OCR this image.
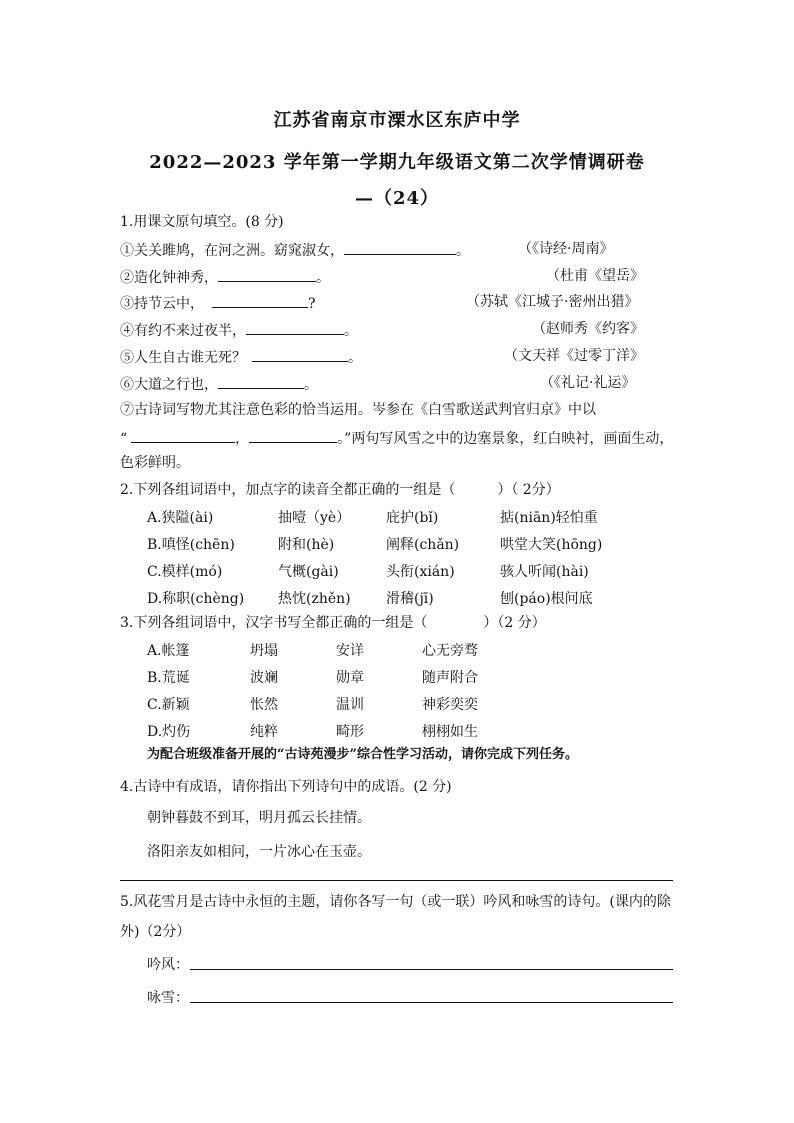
江苏省南京市溧水区东庐中学
2022—2023 学年第一学期九年级语文第二次学情调研卷
—（24）
1.用课文原句填空。(8 分)
①关关雎鸠，在河之洲。窈窕淑女，	。	（《诗经·周南》
②造化钟神秀，	。	（杜甫《望岳》
③持节云中，	?	（苏轼《江城子·密州出猎》
④有约不来过夜半，	。	（赵师秀《约客》
⑤人生自古谁无死？	。	（文天祥《过零丁洋》
⑥大道之行也，	。	（《礼记·礼运》
⑦古诗词写物尤其注意色彩的恰当运用。岑参在《白雪歌送武判官归京》中以
“	，	。”两句写风雪之中的边塞景象，红白映衬，画面生动，
色彩鲜明。
2.下列各组词语中，加点字的读音全都正确的一组是（　　　）（ 2分）
A.狭隘(ài)	抽噎（yè）	庇护(bǐ)	掂(niān)轻怕重
B.嗔怪(chēn)	附和(hè)	阐释(chǎn)	哄堂大笑(hōng)
C.模样(mó)	气概(gài)	头衔(xián)	骇人听闻(hài)
D.称职(chèng) 热忱(zhěn)	滑稽(jī)	刨(páo)根问底
3.下列各组词语中，汉字书写全都正确的一组是（　　　　）（2 分）
A.帐篷	坍塌	安详	心无旁骛
B.荒诞	波斓	勋章	随声附合
C.新颖	怅然	温训	神彩奕奕
D.灼伤	纯粹	畸形	栩栩如生
为配合班级准备开展的“古诗苑漫步”综合性学习活动，请你完成下列任务。
4.古诗中有成语，请你指出下列诗句中的成语。(2 分)
朝钟暮鼓不到耳，明月孤云长挂情。
洛阳亲友如相问，一片冰心在玉壶。
5.风花雪月是古诗中永恒的主题，请你各写一句（或一联）吟风和咏雪的诗句。(课内的除
外)（2分）
吟风：
咏雪：
